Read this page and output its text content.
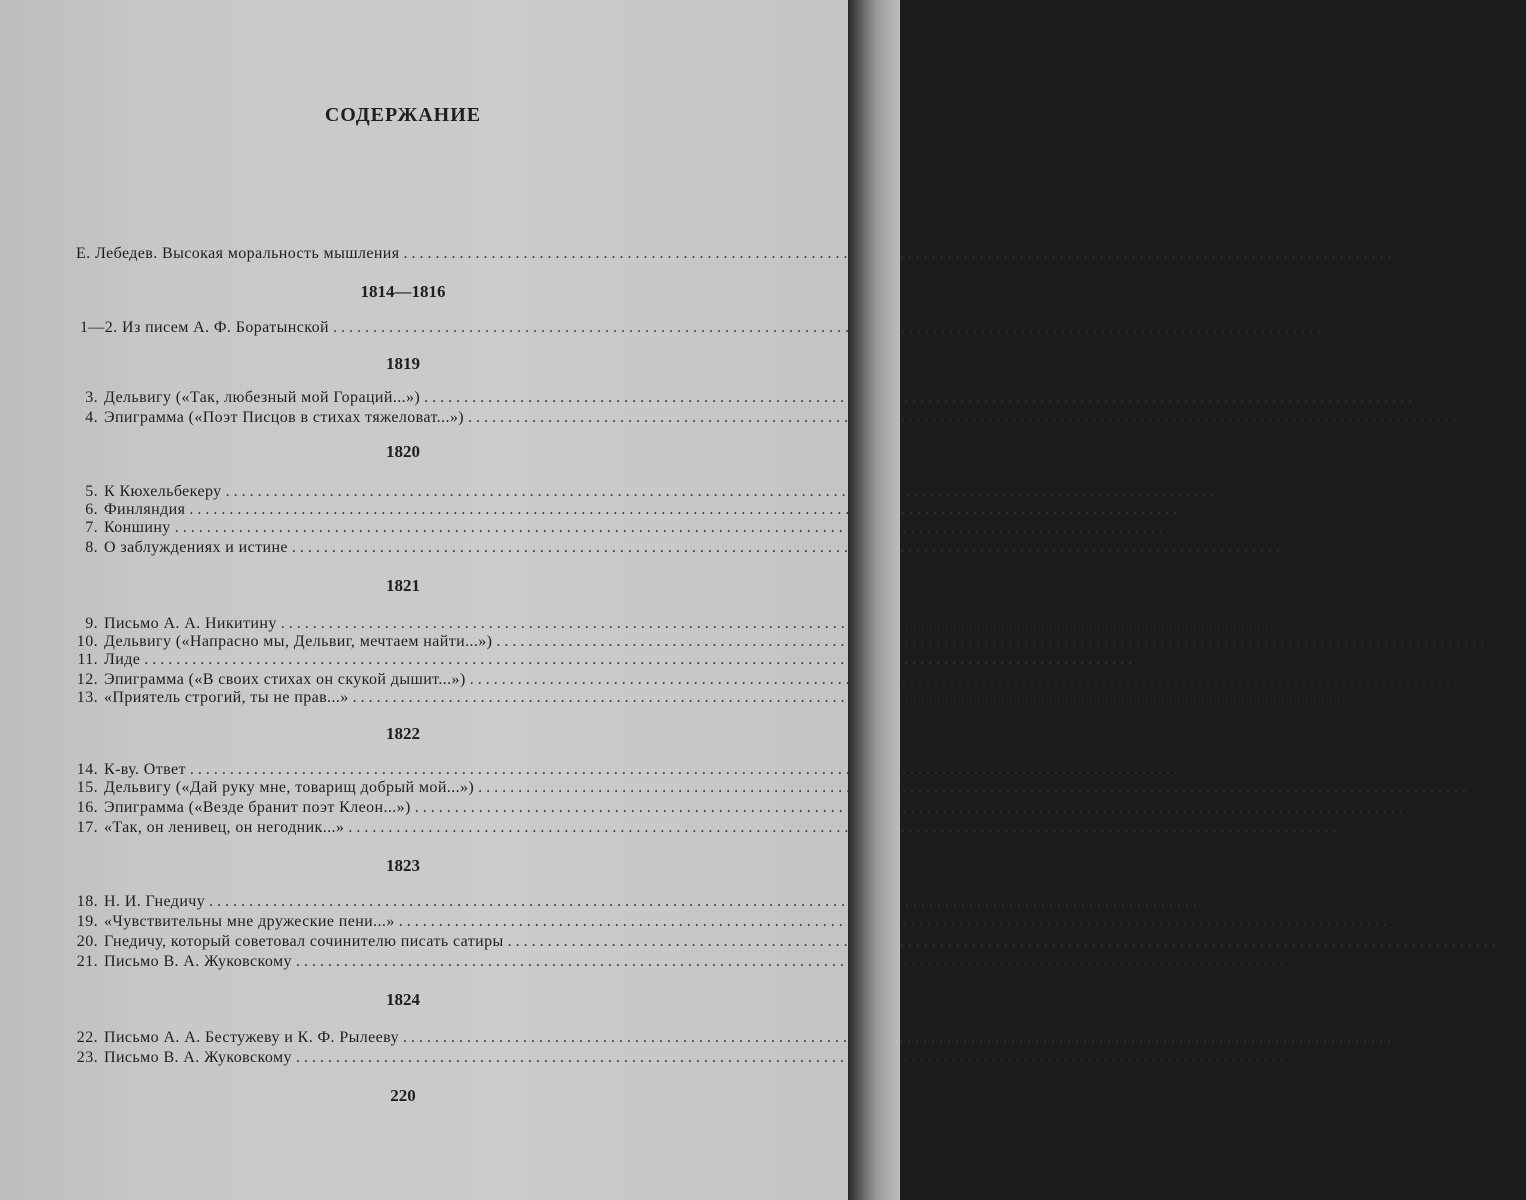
СОДЕРЖАНИЕ
Е. Лебедев. Высокая моральность мышления . . .	5
1814—1816
1—2. Из писем А. Ф. Боратынской . . .	33
1819
3. Дельвигу («Так, любезный мой Гораций...») . . .	35
4. Эпиграмма («Поэт Писцов в стихах тяжеловат...») . . .	36
1820
5. К Кюхельбекеру . . .	37
6. Финляндия . . .	37
7. Коншину . . .	39
8. О заблуждениях и истине . . .	40
1821
9. Письмо А. А. Никитину . . .	44
10. Дельвигу («Напрасно мы, Дельвиг, мечтаем найти...») . . .	44
11. Лиде . . .	45
12. Эпиграмма («В своих стихах он скукой дышит...») . . .	46
13. «Приятель строгий, ты не прав...» . . .	46
1822
14. К-ву. Ответ . . .	47
15. Дельвигу («Дай руку мне, товарищ добрый мой...») . . .	48
16. Эпиграмма («Везде бранит поэт Клеон...») . . .	49
17. «Так, он ленивец, он негодник...» . . .	49
1823
18. Н. И. Гнедичу . . .	50
19. «Чувствительны мне дружеские пени...» . . .	52
20. Гнедичу, который советовал сочинителю писать сатиры . . .	52
21. Письмо В. А. Жуковскому . . .	54
1824
22. Письмо А. А. Бестужеву и К. Ф. Рылееву . . .	60
23. Письмо В. А. Жуковскому . . .	60
220
